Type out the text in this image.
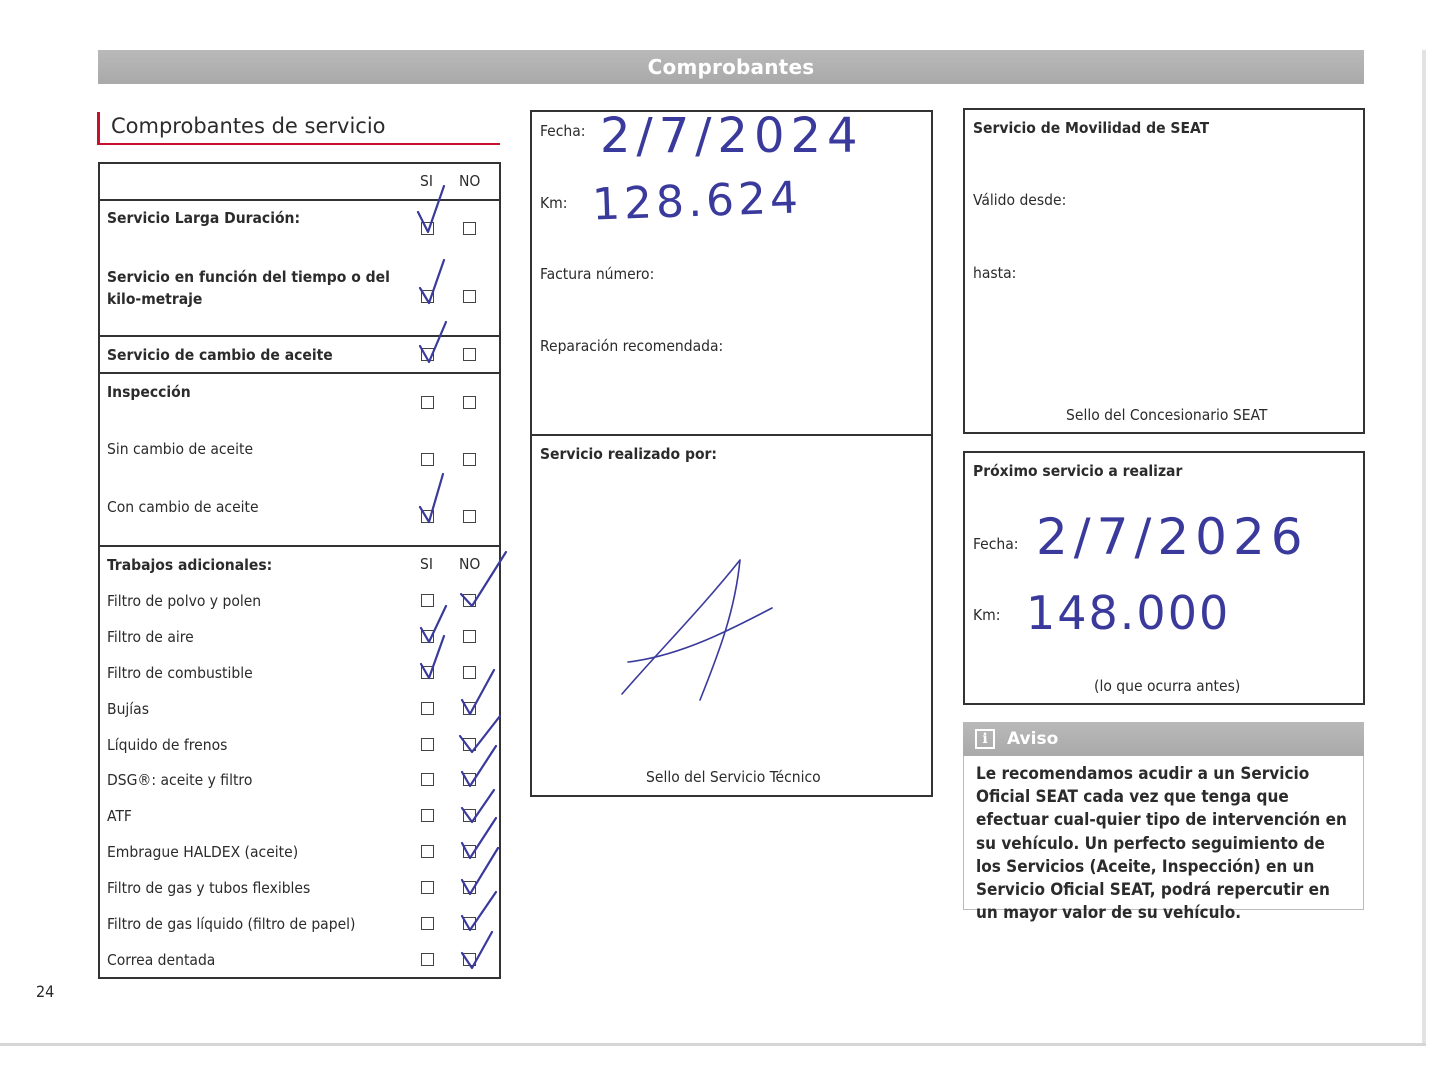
Comprobantes
Comprobantes de servicio
SI NO
Servicio Larga Duración:
Servicio en función del tiempo o del kilo-metraje
Servicio de cambio de aceite
Inspección
Sin cambio de aceite
Con cambio de aceite
Trabajos adicionales:	SI NO
Filtro de polvo y polen
Filtro de aire
Filtro de combustible
Bujías
Líquido de frenos
DSG®: aceite y filtro
ATF
Embrague HALDEX (aceite)
Filtro de gas y tubos flexibles
Filtro de gas líquido (filtro de papel)
Correa dentada
Fecha: 2/7/2024
Km: 128.624
Factura número:
Reparación recomendada:
Servicio realizado por:
Sello del Servicio Técnico
Servicio de Movilidad de SEAT
Válido desde:
hasta:
Sello del Concesionario SEAT
Próximo servicio a realizar
Fecha: 2/7/2026
Km: 148.000
(lo que ocurra antes)
i	Aviso
Le recomendamos acudir a un Servicio Oficial SEAT cada vez que tenga que efectuar cual-quier tipo de intervención en su vehículo. Un perfecto seguimiento de los Servicios (Aceite, Inspección) en un Servicio Oficial SEAT, podrá repercutir en un mayor valor de su vehículo.
24
